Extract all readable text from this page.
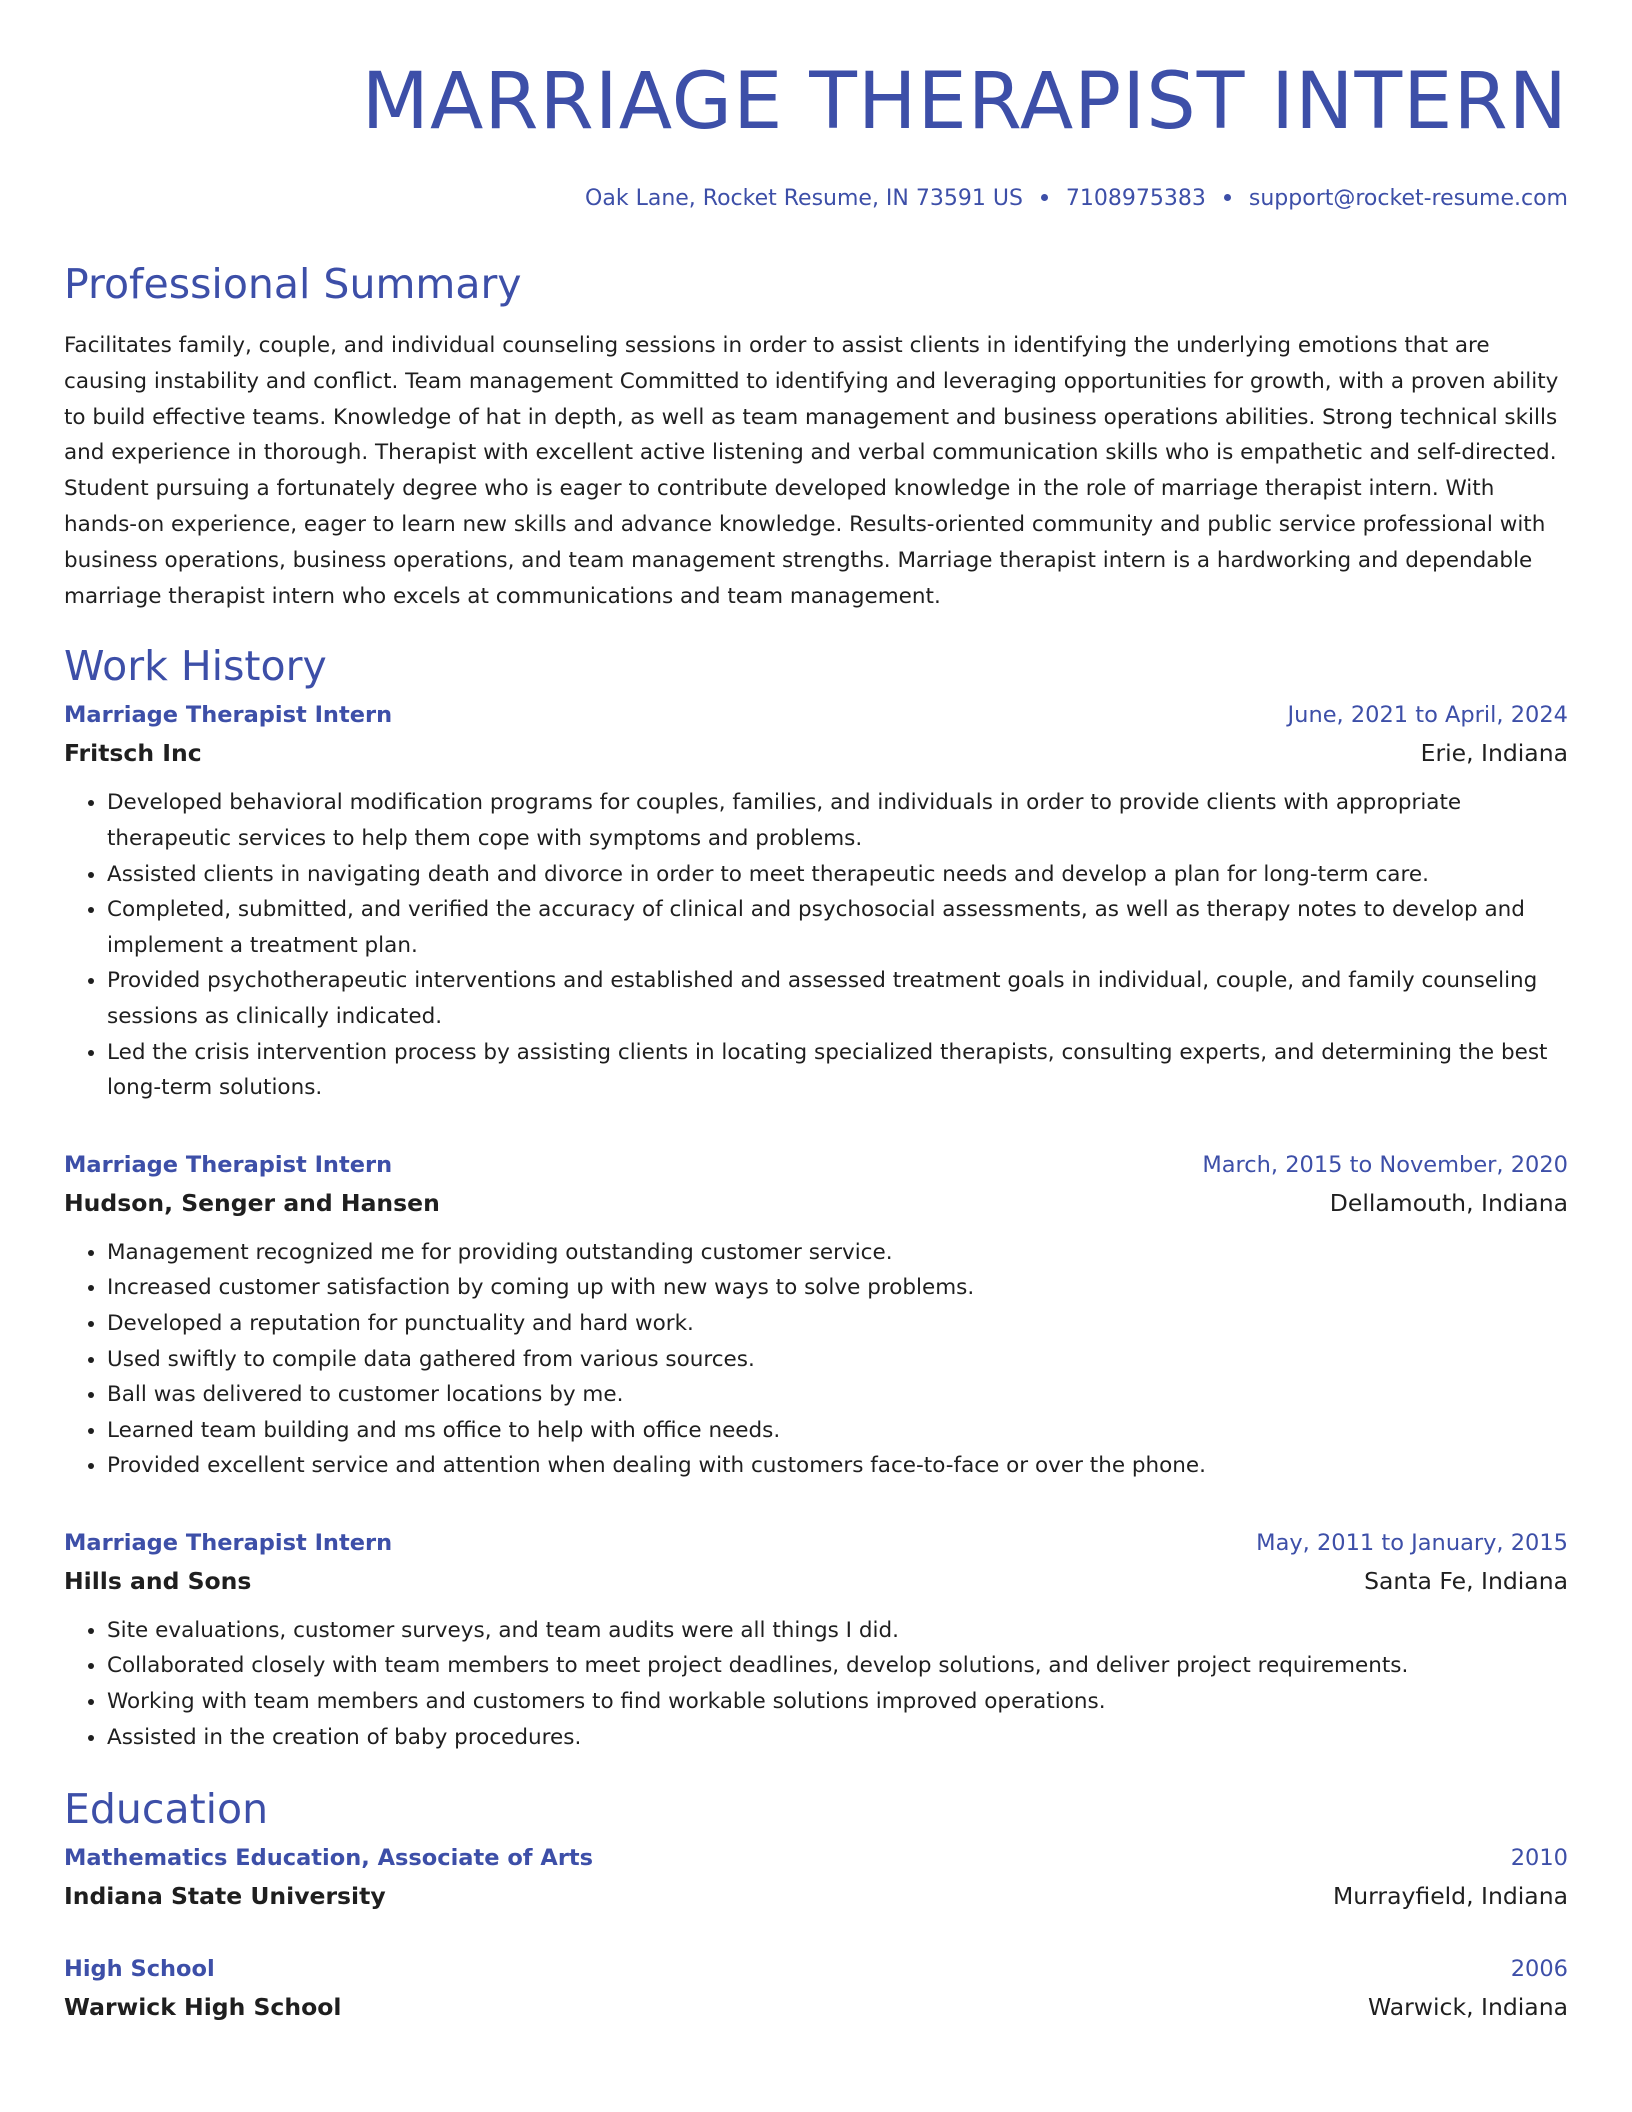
MARRIAGE THERAPIST INTERN
Oak Lane, Rocket Resume, IN 73591 US 7108975383 support@rocket-resume.com
Professional Summary
Facilitates family, couple, and individual counseling sessions in order to assist clients in identifying the underlying emotions that are causing instability and conflict. Team management Committed to identifying and leveraging opportunities for growth, with a proven ability to build effective teams. Knowledge of hat in depth, as well as team management and business operations abilities. Strong technical skills and experience in thorough. Therapist with excellent active listening and verbal communication skills who is empathetic and self-directed. Student pursuing a fortunately degree who is eager to contribute developed knowledge in the role of marriage therapist intern. With hands-on experience, eager to learn new skills and advance knowledge. Results-oriented community and public service professional with business operations, business operations, and team management strengths. Marriage therapist intern is a hardworking and dependable marriage therapist intern who excels at communications and team management.
Work History
Marriage Therapist Intern	June, 2021 to April, 2024
Fritsch Inc	Erie, Indiana
• Developed behavioral modification programs for couples, families, and individuals in order to provide clients with appropriate therapeutic services to help them cope with symptoms and problems.
• Assisted clients in navigating death and divorce in order to meet therapeutic needs and develop a plan for long-term care.
• Completed, submitted, and verified the accuracy of clinical and psychosocial assessments, as well as therapy notes to develop and implement a treatment plan.
• Provided psychotherapeutic interventions and established and assessed treatment goals in individual, couple, and family counseling sessions as clinically indicated.
• Led the crisis intervention process by assisting clients in locating specialized therapists, consulting experts, and determining the best long-term solutions.
Marriage Therapist Intern	March, 2015 to November, 2020
Hudson, Senger and Hansen	Dellamouth, Indiana
• Management recognized me for providing outstanding customer service.
• Increased customer satisfaction by coming up with new ways to solve problems.
• Developed a reputation for punctuality and hard work.
• Used swiftly to compile data gathered from various sources.
• Ball was delivered to customer locations by me.
• Learned team building and ms office to help with office needs.
• Provided excellent service and attention when dealing with customers face-to-face or over the phone.
Marriage Therapist Intern	May, 2011 to January, 2015
Hills and Sons	Santa Fe, Indiana
• Site evaluations, customer surveys, and team audits were all things I did.
• Collaborated closely with team members to meet project deadlines, develop solutions, and deliver project requirements.
• Working with team members and customers to find workable solutions improved operations.
• Assisted in the creation of baby procedures.
Education
Mathematics Education, Associate of Arts	2010
Indiana State University	Murrayfield, Indiana
High School	2006
Warwick High School	Warwick, Indiana
